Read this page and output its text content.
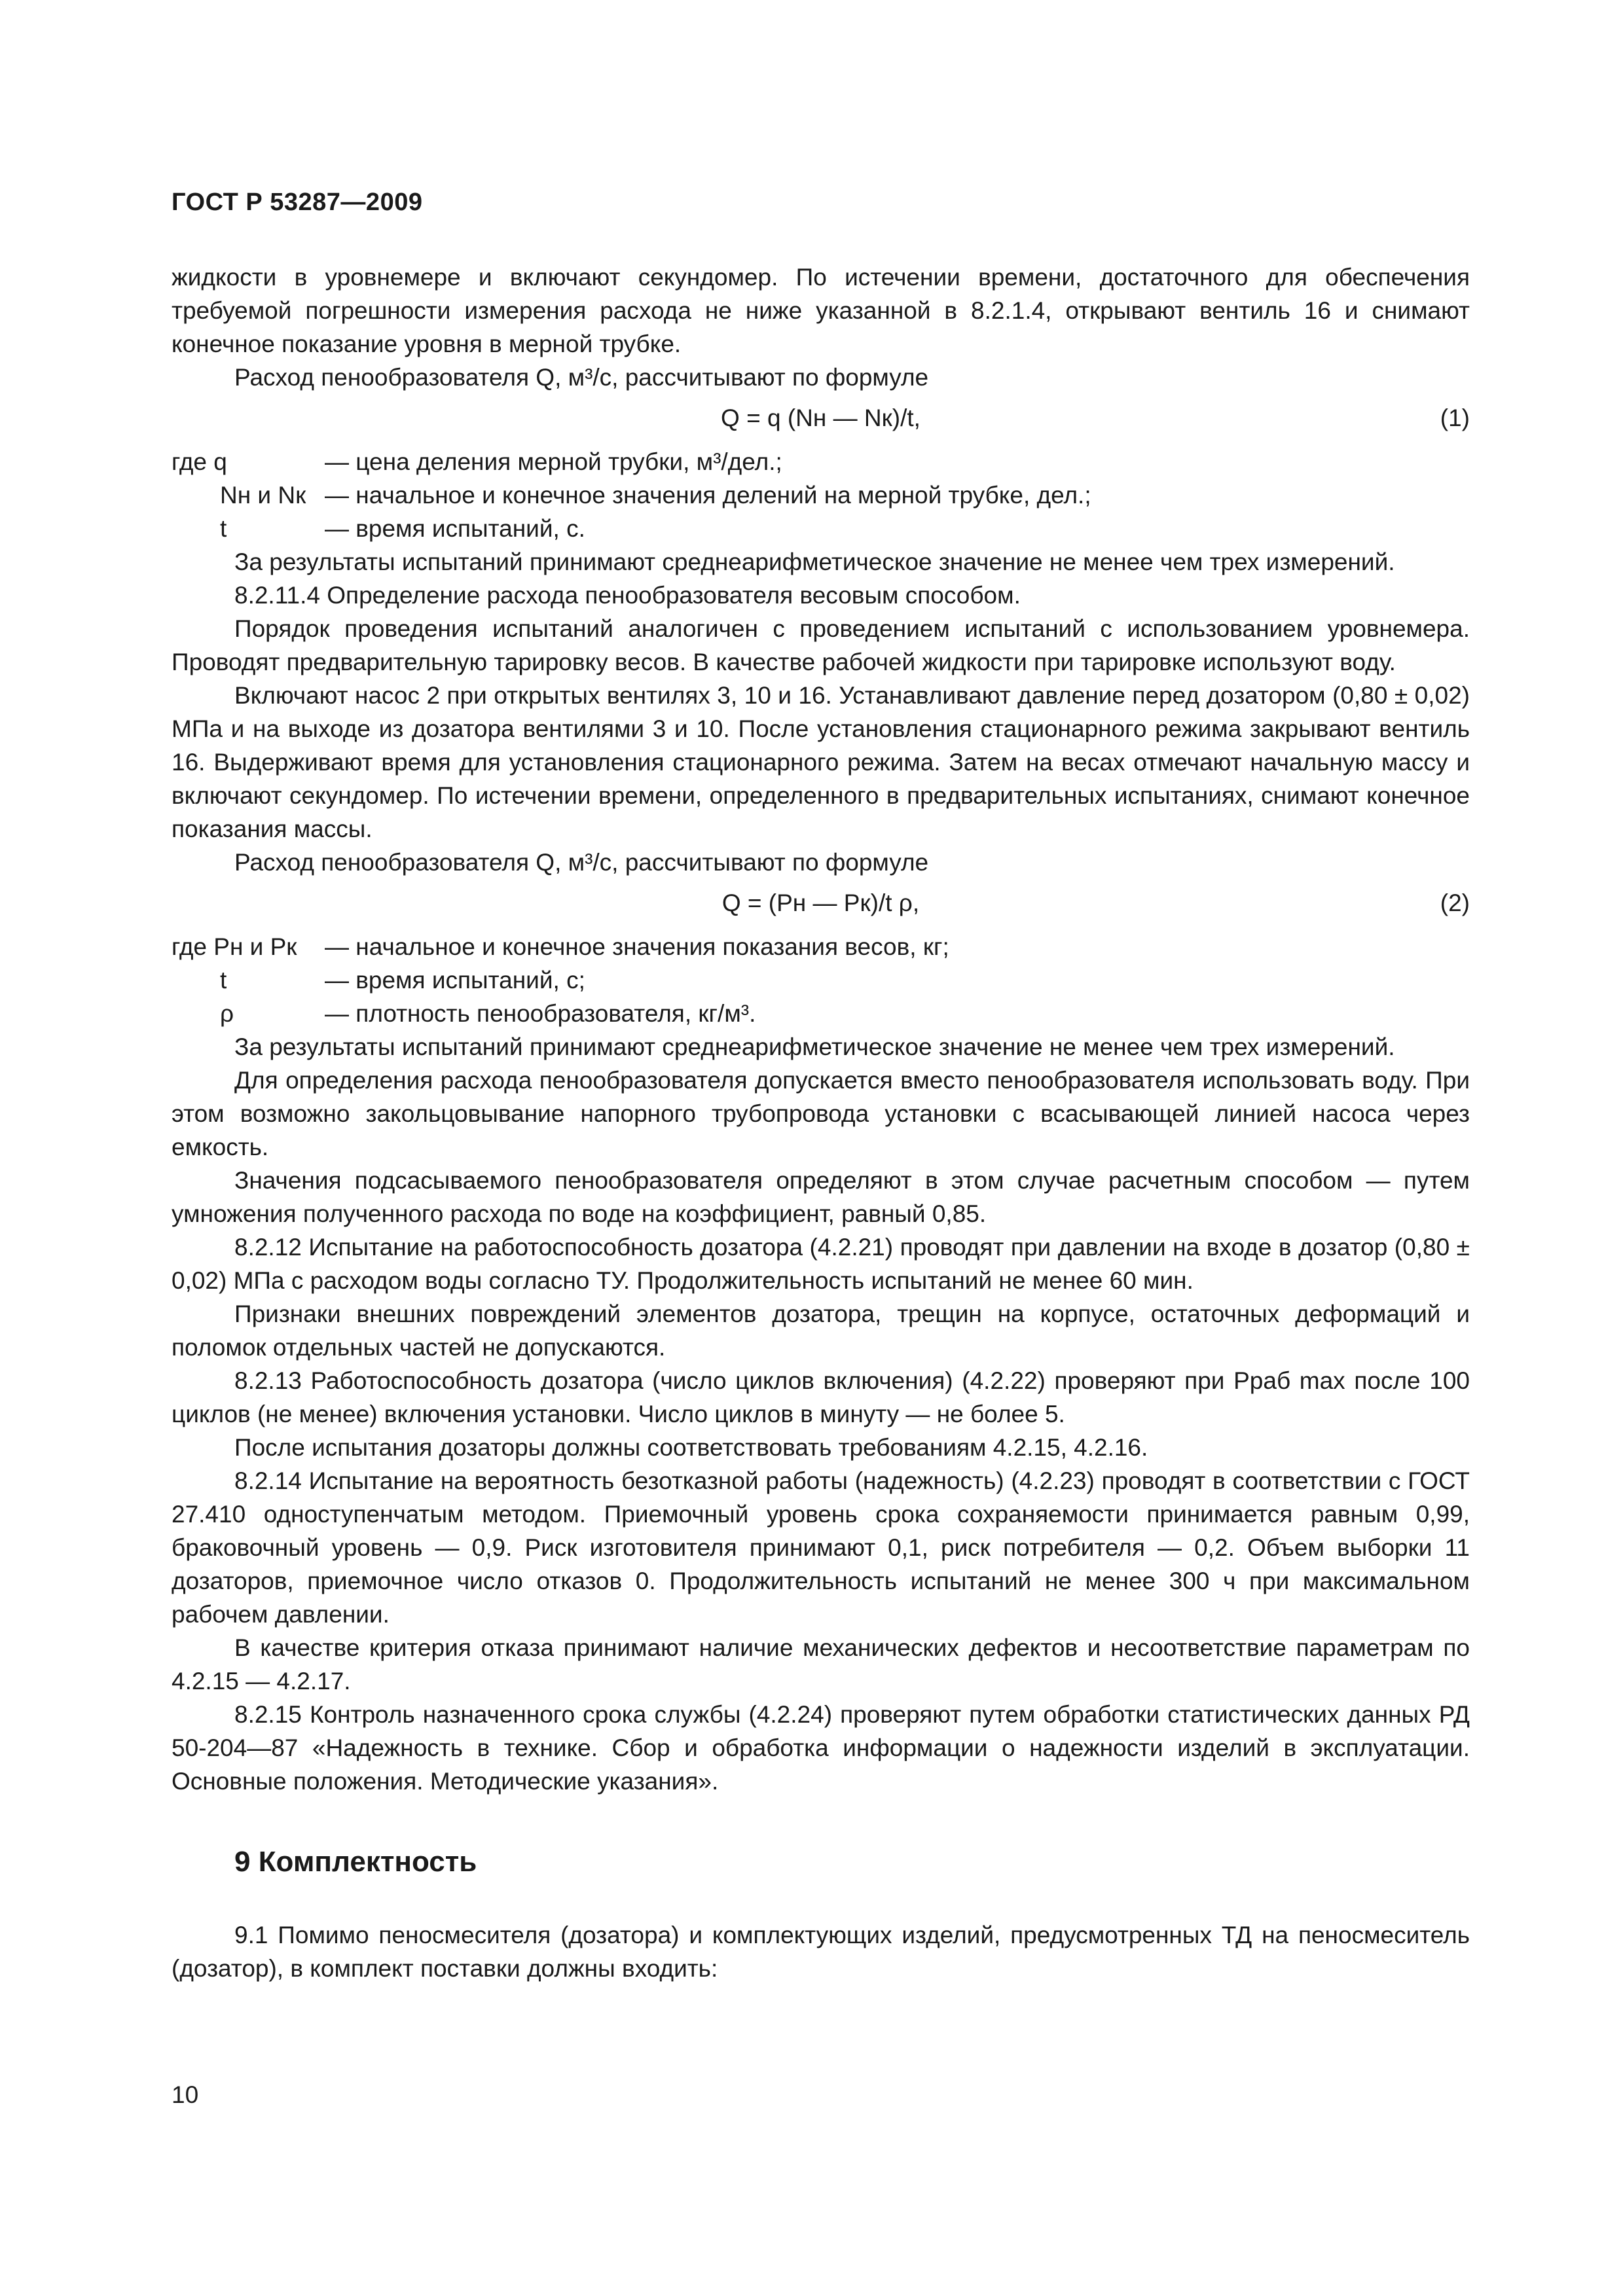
ГОСТ Р 53287—2009

жидкости в уровнемере и включают секундомер. По истечении времени, достаточного для обеспечения требуемой погрешности измерения расхода не ниже указанной в 8.2.1.4, открывают вентиль 16 и снимают конечное показание уровня в мерной трубке.

Расход пенообразователя Q, м³/с, рассчитывают по формуле

Q = q (Nн — Nк)/t,	(1)
где q	— цена деления мерной трубки, м³/дел.;
Nн и Nк — начальное и конечное значения делений на мерной трубке, дел.;
t	— время испытаний, с.

За результаты испытаний принимают среднеарифметическое значение не менее чем трех измерений.

8.2.11.4 Определение расхода пенообразователя весовым способом.

Порядок проведения испытаний аналогичен с проведением испытаний с использованием уровнемера. Проводят предварительную тарировку весов. В качестве рабочей жидкости при тарировке используют воду.

Включают насос 2 при открытых вентилях 3, 10 и 16. Устанавливают давление перед дозатором (0,80 ± 0,02) МПа и на выходе из дозатора вентилями 3 и 10. После установления стационарного режима закрывают вентиль 16. Выдерживают время для установления стационарного режима. Затем на весах отмечают начальную массу и включают секундомер. По истечении времени, определенного в предварительных испытаниях, снимают конечное показания массы.

Расход пенообразователя Q, м³/с, рассчитывают по формуле

Q = (Pн — Pк)/t ρ,	(2)
где Pн и Pк	— начальное и конечное значения показания весов, кг;
t	— время испытаний, с;
ρ	— плотность пенообразователя, кг/м³.

За результаты испытаний принимают среднеарифметическое значение не менее чем трех измерений.

Для определения расхода пенообразователя допускается вместо пенообразователя использовать воду. При этом возможно закольцовывание напорного трубопровода установки с всасывающей линией насоса через емкость.

Значения подсасываемого пенообразователя определяют в этом случае расчетным способом — путем умножения полученного расхода по воде на коэффициент, равный 0,85.

8.2.12 Испытание на работоспособность дозатора (4.2.21) проводят при давлении на входе в дозатор (0,80 ± 0,02) МПа с расходом воды согласно ТУ. Продолжительность испытаний не менее 60 мин.

Признаки внешних повреждений элементов дозатора, трещин на корпусе, остаточных деформаций и поломок отдельных частей не допускаются.

8.2.13 Работоспособность дозатора (число циклов включения) (4.2.22) проверяют при Pраб max после 100 циклов (не менее) включения установки. Число циклов в минуту — не более 5.

После испытания дозаторы должны соответствовать требованиям 4.2.15, 4.2.16.

8.2.14 Испытание на вероятность безотказной работы (надежность) (4.2.23) проводят в соответствии с ГОСТ 27.410 одноступенчатым методом. Приемочный уровень срока сохраняемости принимается равным 0,99, браковочный уровень — 0,9. Риск изготовителя принимают 0,1, риск потребителя — 0,2. Объем выборки 11 дозаторов, приемочное число отказов 0. Продолжительность испытаний не менее 300 ч при максимальном рабочем давлении.

В качестве критерия отказа принимают наличие механических дефектов и несоответствие параметрам по 4.2.15 — 4.2.17.

8.2.15 Контроль назначенного срока службы (4.2.24) проверяют путем обработки статистических данных РД 50-204—87 «Надежность в технике. Сбор и обработка информации о надежности изделий в эксплуатации. Основные положения. Методические указания».

9 Комплектность

9.1 Помимо пеносмесителя (дозатора) и комплектующих изделий, предусмотренных ТД на пеносмеситель (дозатор), в комплект поставки должны входить:

10
